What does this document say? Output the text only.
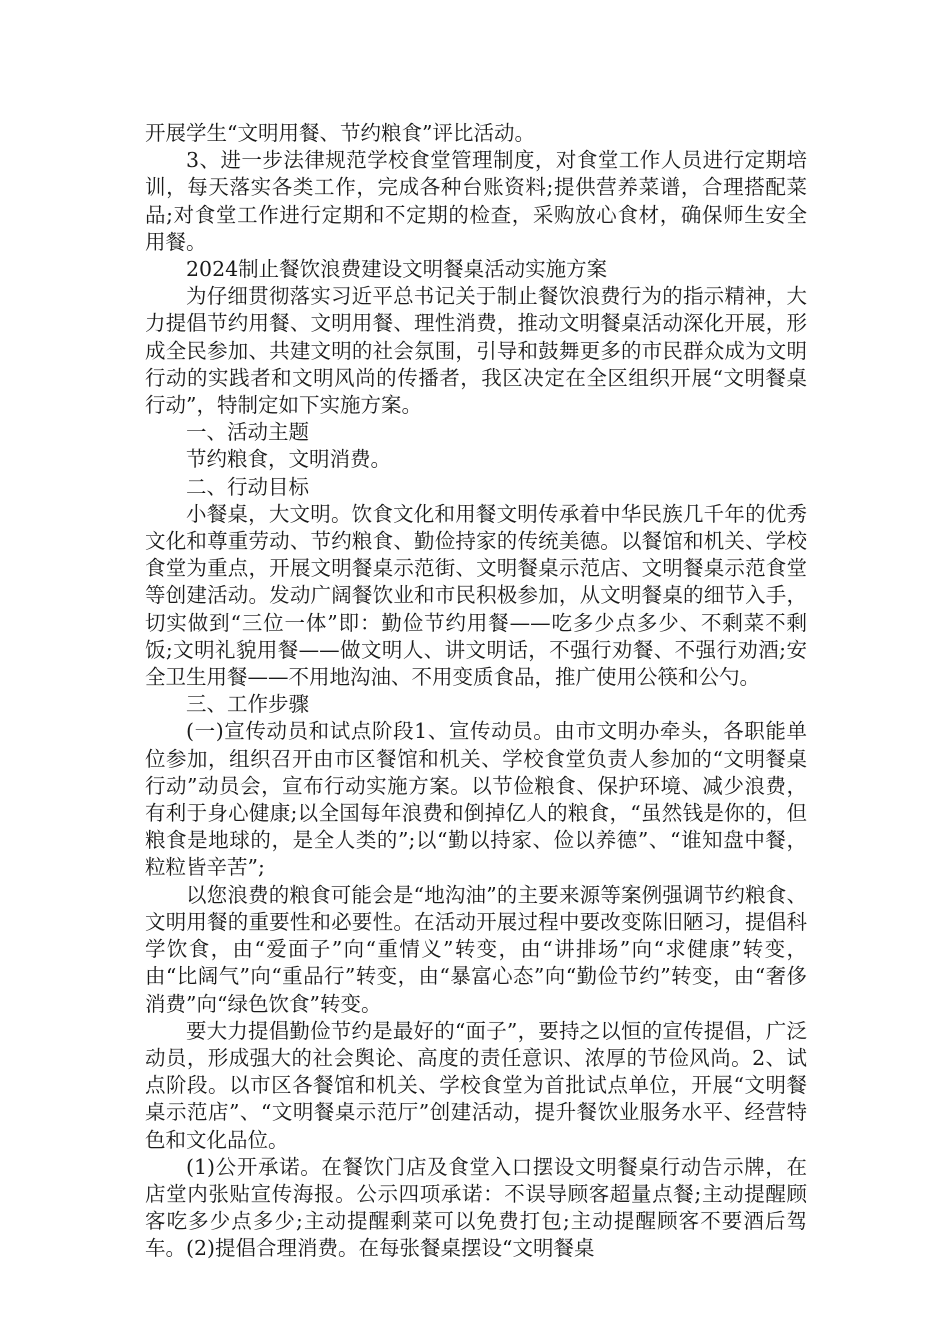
开展学生“文明用餐、节约粮食”评比活动。

3、进一步法律规范学校食堂管理制度，对食堂工作人员进行定期培训，每天落实各类工作，完成各种台账资料;提供营养菜谱，合理搭配菜品;对食堂工作进行定期和不定期的检查，采购放心食材，确保师生安全用餐。

2024制止餐饮浪费建设文明餐桌活动实施方案

为仔细贯彻落实习近平总书记关于制止餐饮浪费行为的指示精神，大力提倡节约用餐、文明用餐、理性消费，推动文明餐桌活动深化开展，形成全民参加、共建文明的社会氛围，引导和鼓舞更多的市民群众成为文明行动的实践者和文明风尚的传播者，我区决定在全区组织开展“文明餐桌行动”，特制定如下实施方案。

一、活动主题

节约粮食，文明消费。

二、行动目标

小餐桌，大文明。饮食文化和用餐文明传承着中华民族几千年的优秀文化和尊重劳动、节约粮食、勤俭持家的传统美德。以餐馆和机关、学校食堂为重点，开展文明餐桌示范街、文明餐桌示范店、文明餐桌示范食堂等创建活动。发动广阔餐饮业和市民积极参加，从文明餐桌的细节入手，切实做到“三位一体”即：勤俭节约用餐——吃多少点多少、不剩菜不剩饭;文明礼貌用餐——做文明人、讲文明话，不强行劝餐、不强行劝酒;安全卫生用餐——不用地沟油、不用变质食品，推广使用公筷和公勺。

三、工作步骤

(一)宣传动员和试点阶段1、宣传动员。由市文明办牵头，各职能单位参加，组织召开由市区餐馆和机关、学校食堂负责人参加的“文明餐桌行动”动员会，宣布行动实施方案。以节俭粮食、保护环境、减少浪费，有利于身心健康;以全国每年浪费和倒掉亿人的粮食，“虽然钱是你的，但粮食是地球的，是全人类的”;以“勤以持家、俭以养德”、“谁知盘中餐，粒粒皆辛苦”;

以您浪费的粮食可能会是“地沟油”的主要来源等案例强调节约粮食、文明用餐的重要性和必要性。在活动开展过程中要改变陈旧陋习，提倡科学饮食，由“爱面子”向“重情义”转变，由“讲排场”向“求健康”转变，由“比阔气”向“重品行”转变，由“暴富心态”向“勤俭节约”转变，由“奢侈消费”向“绿色饮食”转变。

要大力提倡勤俭节约是最好的“面子”，要持之以恒的宣传提倡，广泛动员，形成强大的社会舆论、高度的责任意识、浓厚的节俭风尚。2、试点阶段。以市区各餐馆和机关、学校食堂为首批试点单位，开展“文明餐桌示范店”、“文明餐桌示范厅”创建活动，提升餐饮业服务水平、经营特色和文化品位。

(1)公开承诺。在餐饮门店及食堂入口摆设文明餐桌行动告示牌，在店堂内张贴宣传海报。公示四项承诺：不误导顾客超量点餐;主动提醒顾客吃多少点多少;主动提醒剩菜可以免费打包;主动提醒顾客不要酒后驾车。(2)提倡合理消费。在每张餐桌摆设“文明餐桌
